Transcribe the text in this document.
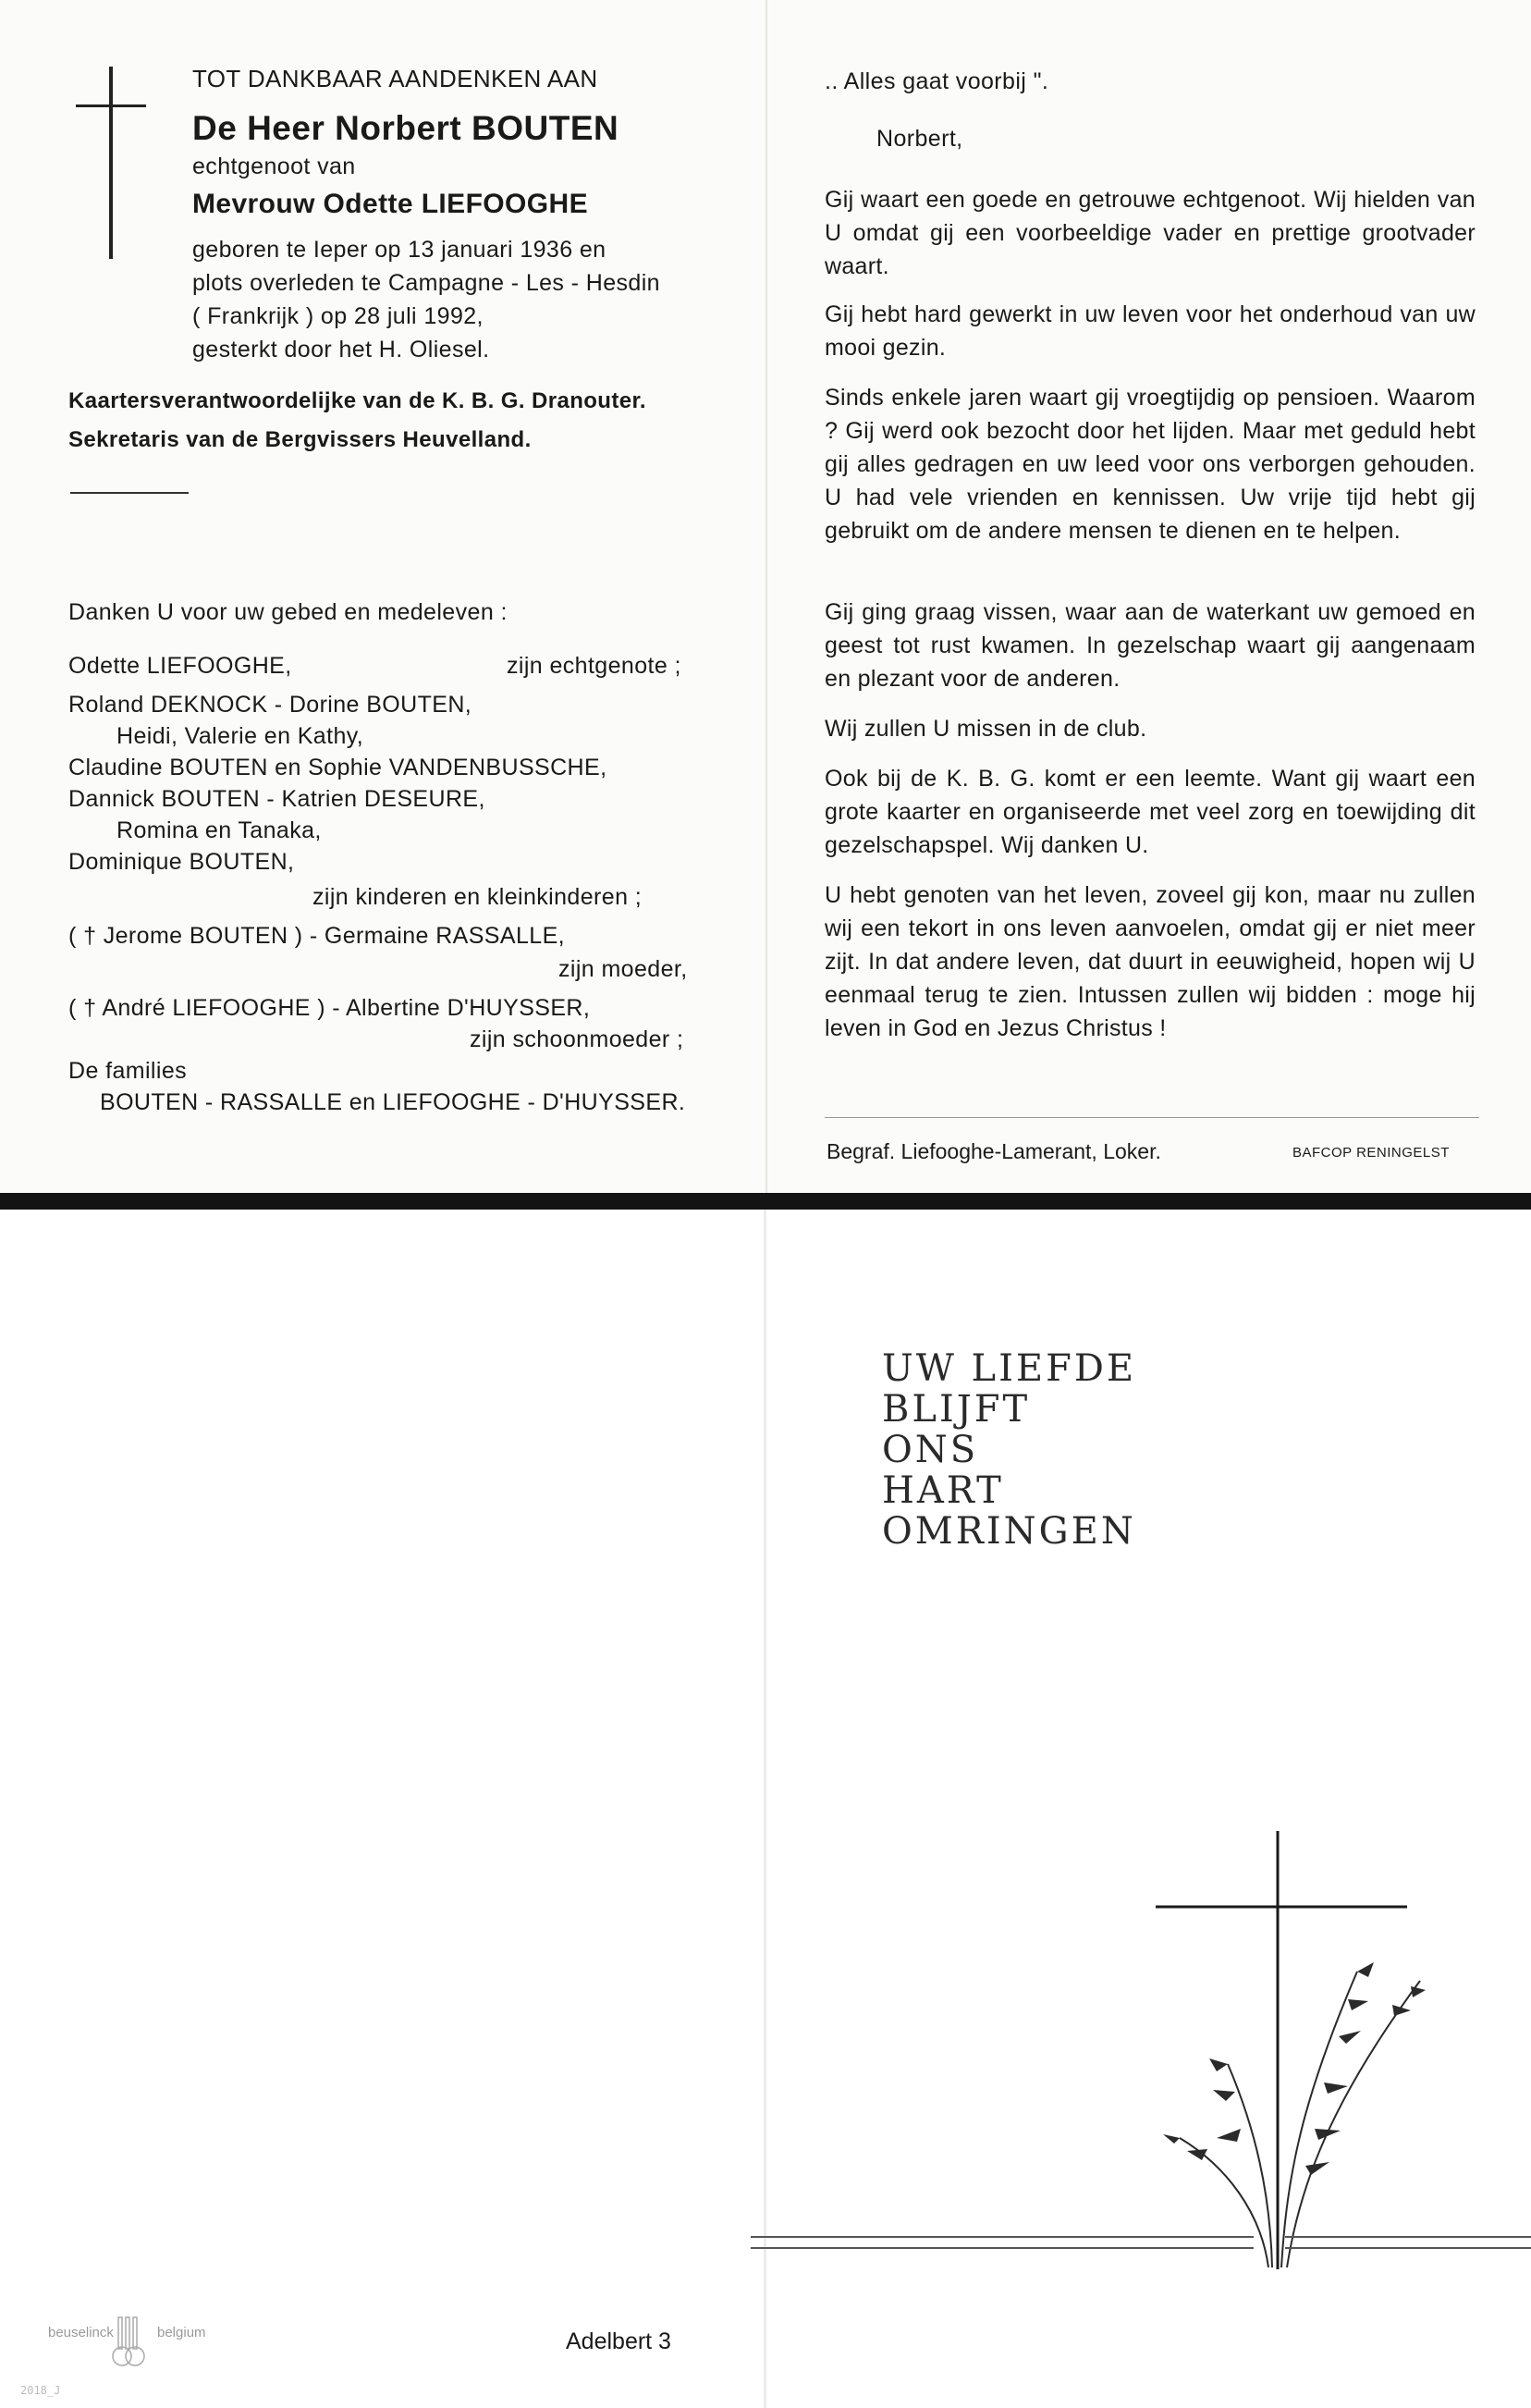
TOT DANKBAAR AANDENKEN AAN
De Heer Norbert BOUTEN
echtgenoot van
Mevrouw Odette LIEFOOGHE
geboren te Ieper op 13 januari 1936 en
plots overleden te Campagne - Les - Hesdin
( Frankrijk ) op 28 juli 1992,
gesterkt door het H. Oliesel.
Kaartersverantwoordelijke van de K. B. G. Dranouter.
Sekretaris van de Bergvissers Heuvelland.
Danken U voor uw gebed en medeleven :
Odette LIEFOOGHE,	zijn echtgenote ;
Roland DEKNOCK - Dorine BOUTEN,
Heidi, Valerie en Kathy,
Claudine BOUTEN en Sophie VANDENBUSSCHE,
Dannick BOUTEN - Katrien DESEURE,
Romina en Tanaka,
Dominique BOUTEN,
zijn kinderen en kleinkinderen ;
( † Jerome BOUTEN ) - Germaine RASSALLE,
zijn moeder,
( † André LIEFOOGHE ) - Albertine D'HUYSSER,
zijn schoonmoeder ;
De families
BOUTEN - RASSALLE en LIEFOOGHE - D'HUYSSER.
.. Alles gaat voorbij ".
Norbert,
Gij waart een goede en getrouwe echtgenoot. Wij hielden van U omdat gij een voorbeeldige vader en prettige grootvader waart.
Gij hebt hard gewerkt in uw leven voor het onderhoud van uw mooi gezin.
Sinds enkele jaren waart gij vroegtijdig op pensioen. Waarom ? Gij werd ook bezocht door het lijden. Maar met geduld hebt gij alles gedragen en uw leed voor ons verborgen gehouden. U had vele vrienden en kennissen. Uw vrije tijd hebt gij gebruikt om de andere mensen te dienen en te helpen.
Gij ging graag vissen, waar aan de waterkant uw gemoed en geest tot rust kwamen. In gezelschap waart gij aangenaam en plezant voor de anderen.
Wij zullen U missen in de club.
Ook bij de K. B. G. komt er een leemte. Want gij waart een grote kaarter en organiseerde met veel zorg en toewijding dit gezelschapspel. Wij danken U.
U hebt genoten van het leven, zoveel gij kon, maar nu zullen wij een tekort in ons leven aanvoelen, omdat gij er niet meer zijt. In dat andere leven, dat duurt in eeuwigheid, hopen wij U eenmaal terug te zien. Intussen zullen wij bidden : moge hij leven in God en Jezus Christus !
Begraf. Liefooghe-Lamerant, Loker.	BAFCOP RENINGELST
UW LIEFDE
BLIJFT
ONS
HART
OMRINGEN
beuselinck	belgium	Adelbert 3
2018_J
